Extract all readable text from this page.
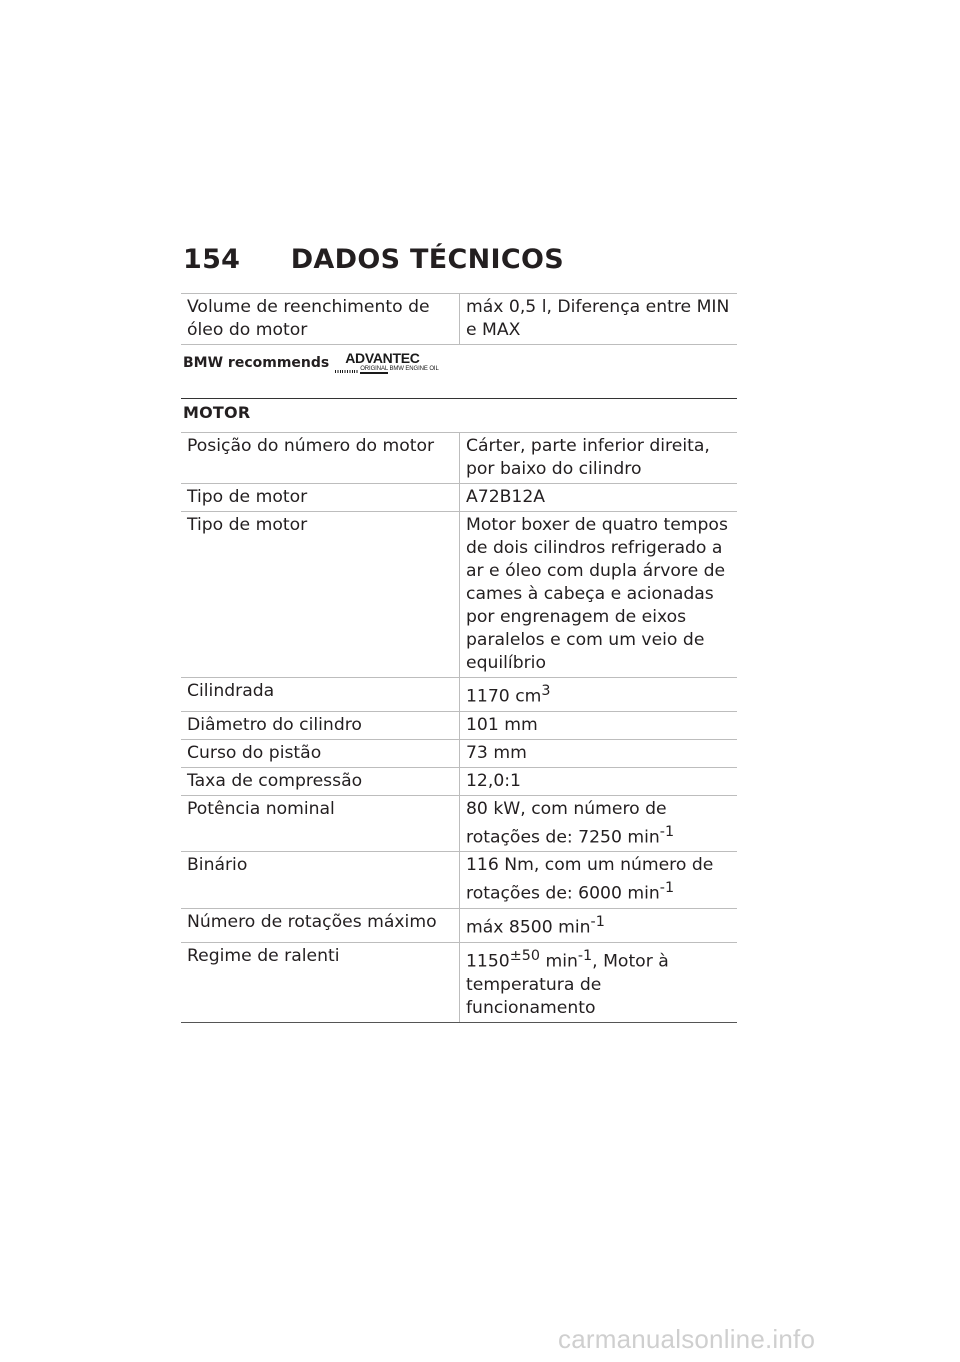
154 DADOS TÉCNICOS
Volume de reenchimento de óleo do motor	máx 0,5 l, Diferença entre MIN e MAX
BMW recommends ADVANTEC
ORIGINAL BMW ENGINE OIL
MOTOR
Posição do número do motor	Cárter, parte inferior direita, por baixo do cilindro
Tipo de motor	A72B12A
Tipo de motor	Motor boxer de quatro tempos de dois cilindros refrigerado a ar e óleo com dupla árvore de cames à cabeça e acionadas por engrenagem de eixos paralelos e com um veio de equilíbrio
Cilindrada	1170 $cm^3$
Diâmetro do cilindro	101 mm
Curso do pistão	73 mm
Taxa de compressão	12,0:1
Potência nominal	80 kW, com número de rotações de: 7250 $\min^{-1}$
Binário	116 Nm, com um número de rotações de: 6000 $\min^{-1}$
Número de rotações máximo	máx 8500 $\min^{-1}$
Regime de ralenti	$1150^{\pm 50}$ $\min^{-1}$, Motor à temperatura de funcionamento
carmanualsonline.info
